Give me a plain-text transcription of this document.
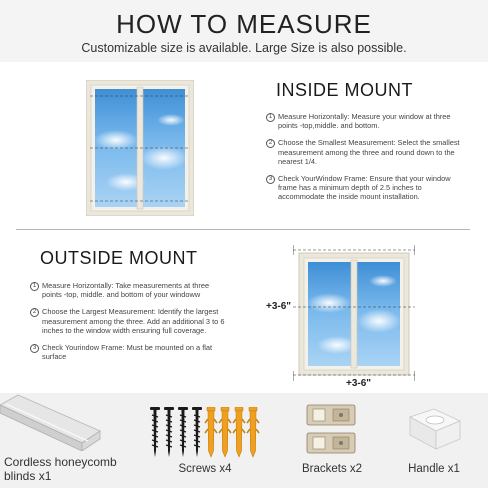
HOW TO MEASURE
Customizable size is available. Large Size is also possible.
INSIDE MOUNT
1 Measure Horizontally: Measure your window at three points -top,middle. and bottom.
2 Choose the Smallest Measurement: Select the smallest measurement among the three and round down to the nearest 1/4.
3 Check YourWindow Frame: Ensure that your window frame has a minimum depth of 2.5 inches to accommodate the inside mount installation.
OUTSIDE MOUNT
1 Measure Horizontally: Take measurements at three points -top, middle. and bottom of your windoww
2 Choose the Largest Measurement: Identify the largest measurement among the three. Add an additional 3 to 6 inches to the window width ensuring full coverage.
3 Check Yourindow Frame: Must be mounted on a flat surface
+3-6"
+3-6"
Cordless honeycomb blinds x1	Screws x4	Brackets x2	Handle x1
